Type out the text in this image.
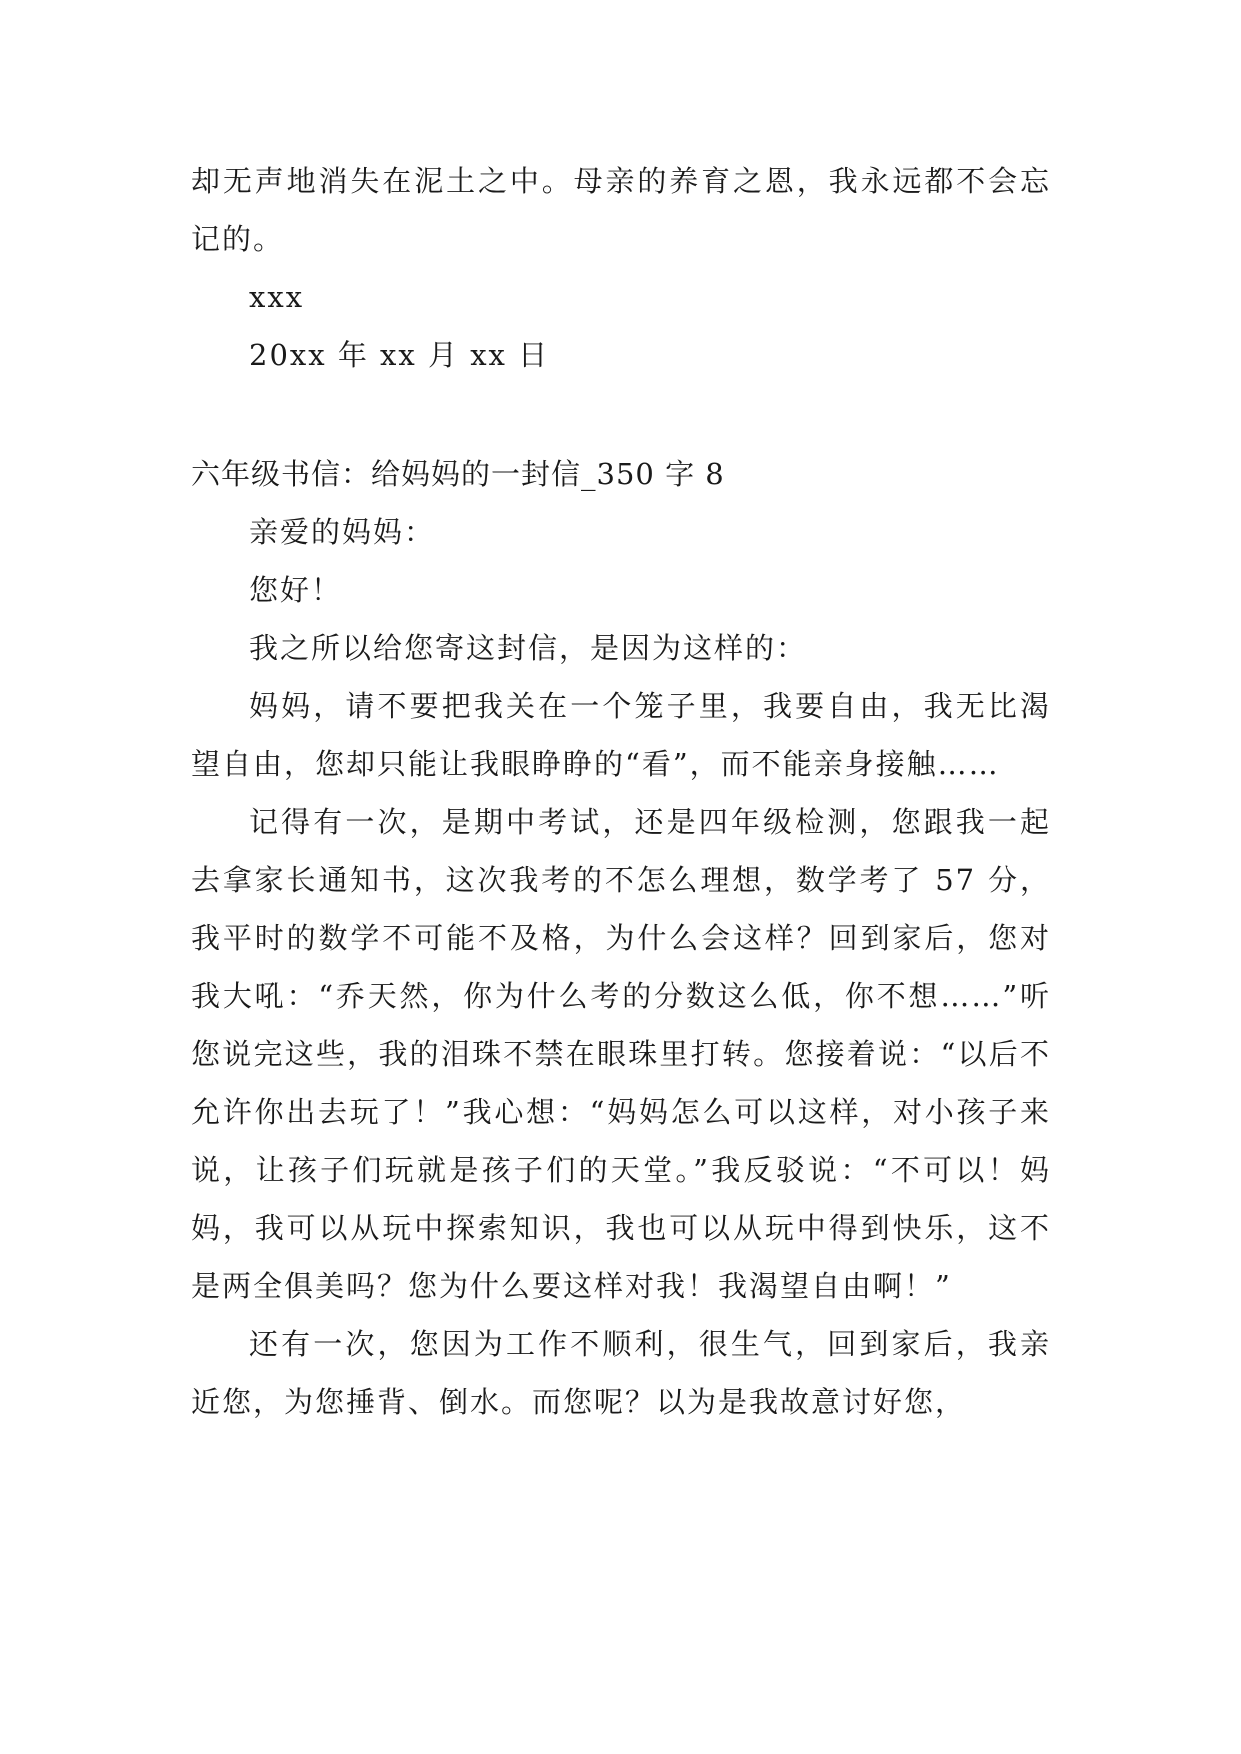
却无声地消失在泥土之中。母亲的养育之恩，我永远都不会忘记的。

xxx

20xx 年 xx 月 xx 日

六年级书信：给妈妈的一封信_350 字 8

亲爱的妈妈：

您好！

我之所以给您寄这封信，是因为这样的：

妈妈，请不要把我关在一个笼子里，我要自由，我无比渴望自由，您却只能让我眼睁睁的“看”，而不能亲身接触……

记得有一次，是期中考试，还是四年级检测，您跟我一起去拿家长通知书，这次我考的不怎么理想，数学考了 57 分，我平时的数学不可能不及格，为什么会这样？回到家后，您对我大吼：“乔天然，你为什么考的分数这么低，你不想……”听您说完这些，我的泪珠不禁在眼珠里打转。您接着说：“以后不允许你出去玩了！”我心想：“妈妈怎么可以这样，对小孩子来说，让孩子们玩就是孩子们的天堂。”我反驳说：“不可以！妈妈，我可以从玩中探索知识，我也可以从玩中得到快乐，这不是两全俱美吗？您为什么要这样对我！我渴望自由啊！”

还有一次，您因为工作不顺利，很生气，回到家后，我亲近您，为您捶背、倒水。而您呢？以为是我故意讨好您，
